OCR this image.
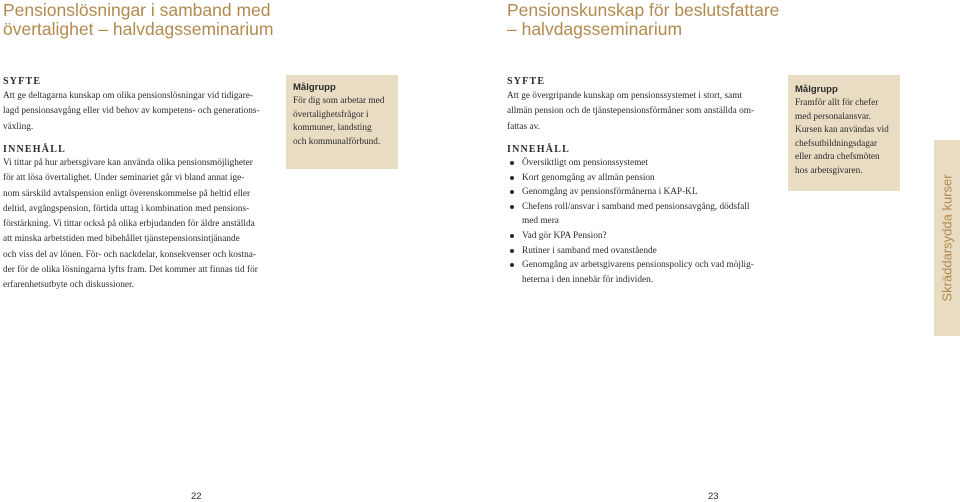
Pensionslösningar i samband med
övertalighet – halvdagsseminarium
SYFTE
Att ge deltagarna kunskap om olika pensionslösningar vid tidigare-
lagd pensionsavgång eller vid behov av kompetens- och generations-
växling.
INNEHÅLL
Vi tittar på hur arbetsgivare kan använda olika pensionsmöjligheter
för att lösa övertalighet. Under seminariet går vi bland annat ige-
nom särskild avtalspension enligt överenskommelse på heltid eller
deltid, avgångspension, förtida uttag i kombination med pensions-
förstärkning. Vi tittar också på olika erbjudanden för äldre anställda
att minska arbetstiden med bibehållet tjänstepensionsintjänande
och viss del av lönen. För- och nackdelar, konsekvenser och kostna-
der för de olika lösningarna lyfts fram. Det kommer att finnas tid för
erfarenhetsutbyte och diskussioner.
Målgrupp

För dig som arbetar med
övertalighetsfrågor i
kommuner, landsting
och kommunalförbund.

22
Pensionskunskap för beslutsfattare
– halvdagsseminarium
SYFTE
Att ge övergripande kunskap om pensionssystemet i stort, samt
allmän pension och de tjänstepensionsförmåner som anställda om-
fattas av.
INNEHÅLL
Översiktligt om pensionssystemet
Kort genomgång av allmän pension
Genomgång av pensionsförmånerna i KAP-KL
Chefens roll/ansvar i samband med pensionsavgång, dödsfall
med mera
Vad gör KPA Pension?
Rutiner i samband med ovanstående
Genomgång av arbetsgivarens pensionspolicy och vad möjlig-
heterna i den innebär för individen.
Målgrupp

Framför allt för chefer
med personalansvar.
Kursen kan användas vid
chefsutbildningsdagar
eller andra chefsmöten
hos arbetsgivaren.

Skräddarsydda kurser
23
